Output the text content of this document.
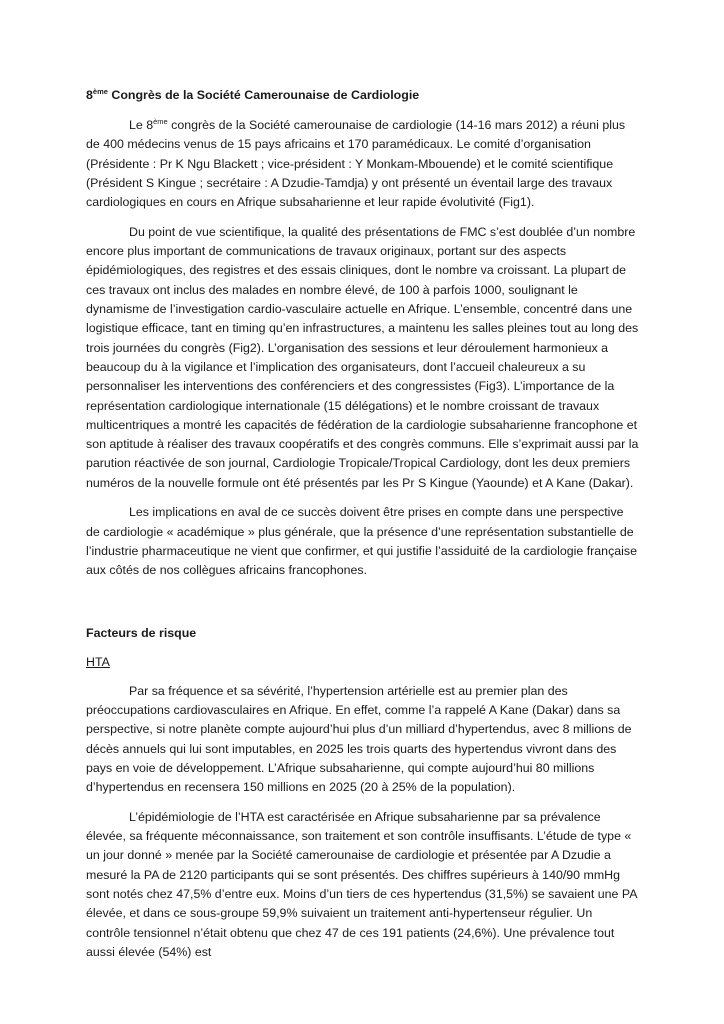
8ème Congrès de la Société Camerounaise de Cardiologie

Le 8ème congrès de la Société camerounaise de cardiologie (14-16 mars 2012) a réuni plus de 400 médecins venus de 15 pays africains et 170 paramédicaux. Le comité d’organisation (Présidente : Pr K Ngu Blackett ; vice-président : Y Monkam-Mbouende) et le comité scientifique (Président S Kingue ; secrétaire : A Dzudie-Tamdja) y ont présenté un éventail large des travaux cardiologiques en cours en Afrique subsaharienne et leur rapide évolutivité (Fig1).

Du point de vue scientifique, la qualité des présentations de FMC s’est doublée d’un nombre encore plus important de communications de travaux originaux, portant sur des aspects épidémiologiques, des registres et des essais cliniques, dont le nombre va croissant. La plupart de ces travaux ont inclus des malades en nombre élevé, de 100 à parfois 1000, soulignant le dynamisme de l’investigation cardio-vasculaire actuelle en Afrique. L’ensemble, concentré dans une logistique efficace, tant en timing qu’en infrastructures, a maintenu les salles pleines tout au long des trois journées du congrès (Fig2). L’organisation des sessions et leur déroulement harmonieux a beaucoup du à la vigilance et l’implication des organisateurs, dont l’accueil chaleureux a su personnaliser les interventions des conférenciers et des congressistes (Fig3). L’importance de la représentation cardiologique internationale (15 délégations) et le nombre croissant de travaux multicentriques a montré les capacités de fédération de la cardiologie subsaharienne francophone et son aptitude à réaliser des travaux coopératifs et des congrès communs. Elle s’exprimait aussi par la parution réactivée de son journal, Cardiologie Tropicale/Tropical Cardiology, dont les deux premiers numéros de la nouvelle formule ont été présentés par les Pr S Kingue (Yaounde) et A Kane (Dakar).

Les implications en aval de ce succès doivent être prises en compte dans une perspective de cardiologie « académique » plus générale, que la présence d’une représentation substantielle de l’industrie pharmaceutique ne vient que confirmer, et qui justifie l’assiduité de la cardiologie française aux côtés de nos collègues africains francophones.

Facteurs de risque
HTA

Par sa fréquence et sa sévérité, l’hypertension artérielle est au premier plan des préoccupations cardiovasculaires en Afrique. En effet, comme l’a rappelé A Kane (Dakar) dans sa perspective, si notre planète compte aujourd’hui plus d’un milliard d’hypertendus, avec 8 millions de décès annuels qui lui sont imputables, en 2025 les trois quarts des hypertendus vivront dans des pays en voie de développement. L’Afrique subsaharienne, qui compte aujourd’hui 80 millions d’hypertendus en recensera 150 millions en 2025 (20 à 25% de la population).

L’épidémiologie de l’HTA est caractérisée en Afrique subsaharienne par sa prévalence élevée, sa fréquente méconnaissance, son traitement et son contrôle insuffisants. L’étude de type « un jour donné » menée par la Société camerounaise de cardiologie et présentée par A Dzudie a mesuré la PA de 2120 participants qui se sont présentés. Des chiffres supérieurs à 140/90 mmHg sont notés chez 47,5% d’entre eux. Moins d’un tiers de ces hypertendus (31,5%) se savaient une PA élevée, et dans ce sous-groupe 59,9% suivaient un traitement anti-hypertenseur régulier. Un contrôle tensionnel n’était obtenu que chez 47 de ces 191 patients (24,6%). Une prévalence tout aussi élevée (54%) est
